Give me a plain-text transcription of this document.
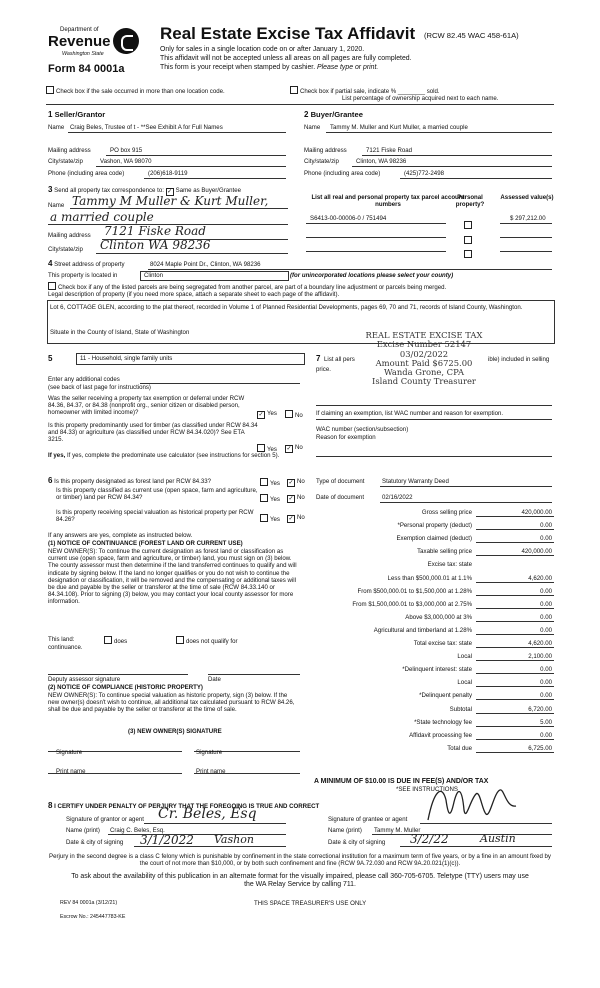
Department of
Revenue
Washington State
Form 84 0001a
Real Estate Excise Tax Affidavit (RCW 82.45 WAC 458-61A)
Only for sales in a single location code on or after January 1, 2020.
This affidavit will not be accepted unless all areas on all pages are fully completed.
This form is your receipt when stamped by cashier. Please type or print.
Check box if the sale occurred in more than one location code.	Check box if partial sale, indicate % ________ sold.
List percentage of ownership acquired next to each name.
1 Seller/Grantor
Name Craig Beles, Trustee of t - **See Exhibit A for Full Names
Mailing address	PO box 915
City/state/zip	Vashon, WA 98070
Phone (including area code)	(206)618-9119
2 Buyer/Grantee
Name Tammy M. Muller and Kurt Muller, a married couple
Mailing address	7121 Fiske Road
City/state/zip	Clinton, WA 98236
Phone (including area code)	(425)772-2498
3 Send all property tax correspondence to: ✓ Same as Buyer/Grantee
Name Tammy M Muller & Kurt Muller,
a married couple
Mailing address 7121 Fiske Road
City/state/zip Clinton WA 98236
List all real and personal property tax parcel account numbers
Personal property?
Assessed value(s)
S6413-00-00006-0 / 751494	$ 297,212.00
4 Street address of property	8024 Maple Point Dr., Clinton, WA 98236
This property is located in	Clinton	(for unincorporated locations please select your county)
Check box if any of the listed parcels are being segregated from another parcel, are part of a boundary line adjustment or parcels being merged.
Legal description of property (if you need more space, attach a separate sheet to each page of the affidavit).
Lot 6, COTTAGE GLEN, according to the plat thereof, recorded in Volume 1 of Planned Residential Developments, pages 69, 70 and 71, records of Island County, Washington.
Situate in the County of Island, State of Washington	REAL ESTATE EXCISE TAX
Excise Number 52147
03/02/2022
Amount Paid $6725.00
Wanda Grone, CPA
Island County Treasurer
5	11 - Household, single family units	7 List all pers
price.
ible) included in selling
Enter any additional codes
(see back of last page for instructions)
Was the seller receiving a property tax exemption or deferral under RCW 84.36, 84.37, or 84.38 (nonprofit org., senior citizen or disabled person, homeowner with limited income)?	✓ Yes	No
Is this property predominantly used for timber (as classified under RCW 84.34 and 84.33) or agriculture (as classified under RCW 84.34.020)? See ETA 3215.
Yes ✓ No
If yes, If yes, complete the predominate use calculator (see instructions for section 5).
If claiming an exemption, list WAC number and reason for exemption.
WAC number (section/subsection)
Reason for exemption
6 Is this property designated as forest land per RCW 84.33?	Yes ✓ No
Is this property classified as current use (open space, farm and agriculture, or timber) land per RCW 84.34?	Yes ✓ No
Is this property receiving special valuation as historical property per RCW 84.26?	Yes ✓ No
If any answers are yes, complete as instructed below.
(1) NOTICE OF CONTINUANCE (FOREST LAND OR CURRENT USE)
NEW OWNER(S): To continue the current designation as forest land or classification as current use (open space, farm and agriculture, or timber) land, you must sign on (3) below. The county assessor must then determine if the land transferred continues to qualify and will indicate by signing below. If the land no longer qualifies or you do not wish to continue the designation or classification, it will be removed and the compensating or additional taxes will be due and payable by the seller or transferor at the time of sale (RCW 84.33.140 or 84.34.108). Prior to signing (3) below, you may contact your local county assessor for more information.
This land:	does	does not qualify for
continuance.
Deputy assessor signature	Date
(2) NOTICE OF COMPLIANCE (HISTORIC PROPERTY)
NEW OWNER(S): To continue special valuation as historic property, sign (3) below. If the new owner(s) doesn't wish to continue, all additional tax calculated pursuant to RCW 84.26, shall be due and payable by the seller or transferor at the time of sale.
(3) NEW OWNER(S) SIGNATURE
Signature	Signature
Print name	Print name
Type of document	Statutory Warranty Deed
Date of document	02/16/2022
Gross selling price	420,000.00
*Personal property (deduct)	0.00
Exemption claimed (deduct)	0.00
Taxable selling price	420,000.00
Excise tax: state
Less than $500,000.01 at 1.1%	4,620.00
From $500,000.01 to $1,500,000 at 1.28%	0.00
From $1,500,000.01 to $3,000,000 at 2.75%	0.00
Above $3,000,000 at 3%	0.00
Agricultural and timberland at 1.28%	0.00
Total excise tax: state	4,620.00
Local	2,100.00
*Delinquent interest: state	0.00
Local	0.00
*Delinquent penalty	0.00
Subtotal	6,720.00
*State technology fee	5.00
Affidavit processing fee	0.00
Total due	6,725.00
A MINIMUM OF $10.00 IS DUE IN FEE(S) AND/OR TAX
*SEE INSTRUCTIONS
8 I CERTIFY UNDER PENALTY OF PERJURY THAT THE FOREGOING IS TRUE AND CORRECT
Signature of grantor or agent Cr. Beles, Esq
Name (print) Craig C. Beles, Esq.
Date & city of signing 3/1/2022 Vashon
Signature of grantee or agent
Name (print) Tammy M. Muller
Date & city of signing 3/2/22	Austin
Perjury in the second degree is a class C felony which is punishable by confinement in the state correctional institution for a maximum term of five years, or by a fine in an amount fixed by the court of not more than $10,000, or by both such confinement and fine (RCW 9A.72.030 and RCW 9A.20.021(1)(c)).
To ask about the availability of this publication in an alternate format for the visually impaired, please call 360-705-6705. Teletype (TTY) users may use the WA Relay Service by calling 711.
REV 84 0001a (3/12/21)	THIS SPACE TREASURER'S USE ONLY
Escrow No.: 245447783-KE
